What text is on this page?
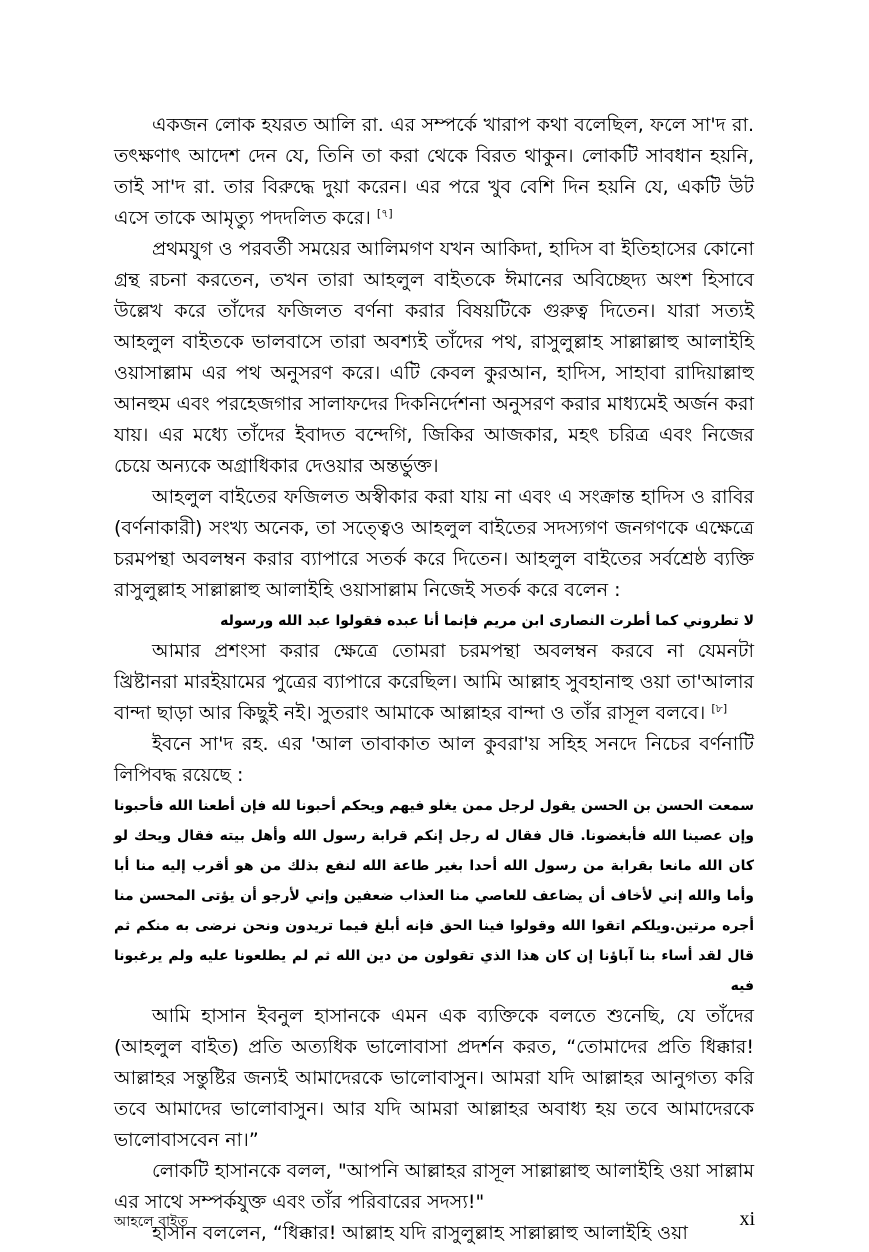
একজন লোক হযরত আলি রা. এর সম্পর্কে খারাপ কথা বলেছিল, ফলে সা'দ রা. তৎক্ষণাৎ আদেশ দেন যে, তিনি তা করা থেকে বিরত থাকুন। লোকটি সাবধান হয়নি, তাই সা'দ রা. তার বিরুদ্ধে দুয়া করেন। এর পরে খুব বেশি দিন হয়নি যে, একটি উট এসে তাকে আমৃত্যু পদদলিত করে। [৭]

প্রথমযুগ ও পরবর্তী সময়ের আলিমগণ যখন আকিদা, হাদিস বা ইতিহাসের কোনো গ্রন্থ রচনা করতেন, তখন তারা আহলুল বাইতকে ঈমানের অবিচ্ছেদ্য অংশ হিসাবে উল্লেখ করে তাঁদের ফজিলত বর্ণনা করার বিষয়টিকে গুরুত্ব দিতেন। যারা সত্যই আহলুল বাইতকে ভালবাসে তারা অবশ্যই তাঁদের পথ, রাসুলুল্লাহ সাল্লাল্লাহু আলাইহি ওয়াসাল্লাম এর পথ অনুসরণ করে। এটি কেবল কুরআন, হাদিস, সাহাবা রাদিয়াল্লাহু আনহুম এবং পরহেজগার সালাফদের দিকনির্দেশনা অনুসরণ করার মাধ্যমেই অর্জন করা যায়। এর মধ্যে তাঁদের ইবাদত বন্দেগি, জিকির আজকার, মহৎ চরিত্র এবং নিজের চেয়ে অন্যকে অগ্রাধিকার দেওয়ার অন্তর্ভুক্ত।

আহলুল বাইতের ফজিলত অস্বীকার করা যায় না এবং এ সংক্রান্ত হাদিস ও রাবির (বর্ণনাকারী) সংখ্য অনেক, তা সত্ত্বেও আহলুল বাইতের সদস্যগণ জনগণকে এক্ষেত্রে চরমপন্থা অবলম্বন করার ব্যাপারে সতর্ক করে দিতেন। আহলুল বাইতের সর্বশ্রেষ্ঠ ব্যক্তি রাসুলুল্লাহ সাল্লাল্লাহু আলাইহি ওয়াসাল্লাম নিজেই সতর্ক করে বলেন :

لا تطروني كما أطرت النصارى ابن مريم فإنما أنا عبده فقولوا عبد الله ورسوله

আমার প্রশংসা করার ক্ষেত্রে তোমরা চরমপন্থা অবলম্বন করবে না যেমনটা খ্রিষ্টানরা মারইয়ামের পুত্রের ব্যাপারে করেছিল। আমি আল্লাহ সুবহানাহু ওয়া তা'আলার বান্দা ছাড়া আর কিছুই নই। সুতরাং আমাকে আল্লাহর বান্দা ও তাঁর রাসূল বলবে। [৮]

ইবনে সা'দ রহ. এর 'আল তাবাকাত আল কুবরা'য় সহিহ সনদে নিচের বর্ণনাটি লিপিবদ্ধ রয়েছে :

سمعت الحسن بن الحسن يقول لرجل ممن يغلو فيهم ويحكم أحبونا لله فإن أطعنا الله فأحبونا وإن عصينا الله فأبغضونا. قال فقال له رجل إنكم قرابة رسول الله وأهل بيته فقال ويحك لو كان الله مانعا بقرابة من رسول الله أحدا بغير طاعة الله لنفع بذلك من هو أقرب إليه منا أبا وأما والله إني لأخاف أن يضاعف للعاصي منا العذاب ضعفين وإني لأرجو أن يؤتى المحسن منا أجره مرتين.ويلكم اتقوا الله وقولوا فينا الحق فإنه أبلغ فيما تريدون ونحن نرضى به منكم ثم قال لقد أساء بنا آباؤنا إن كان هذا الذي تقولون من دين الله ثم لم يطلعونا عليه ولم يرغبونا فيه

আমি হাসান ইবনুল হাসানকে এমন এক ব্যক্তিকে বলতে শুনেছি, যে তাঁদের (আহলুল বাইত) প্রতি অত্যধিক ভালোবাসা প্রদর্শন করত, “তোমাদের প্রতি ধিক্কার! আল্লাহর সন্তুষ্টির জন্যই আমাদেরকে ভালোবাসুন। আমরা যদি আল্লাহর আনুগত্য করি তবে আমাদের ভালোবাসুন। আর যদি আমরা আল্লাহর অবাধ্য হয় তবে আমাদেরকে ভালোবাসবেন না।”

লোকটি হাসানকে বলল, "আপনি আল্লাহর রাসূল সাল্লাল্লাহু আলাইহি ওয়া সাল্লাম এর সাথে সম্পর্কযুক্ত এবং তাঁর পরিবারের সদস্য!"

হাসান বললেন, “ধিক্কার! আল্লাহ যদি রাসুলুল্লাহ সাল্লাল্লাহু আলাইহি ওয়া

আহলে বাইত	xi
